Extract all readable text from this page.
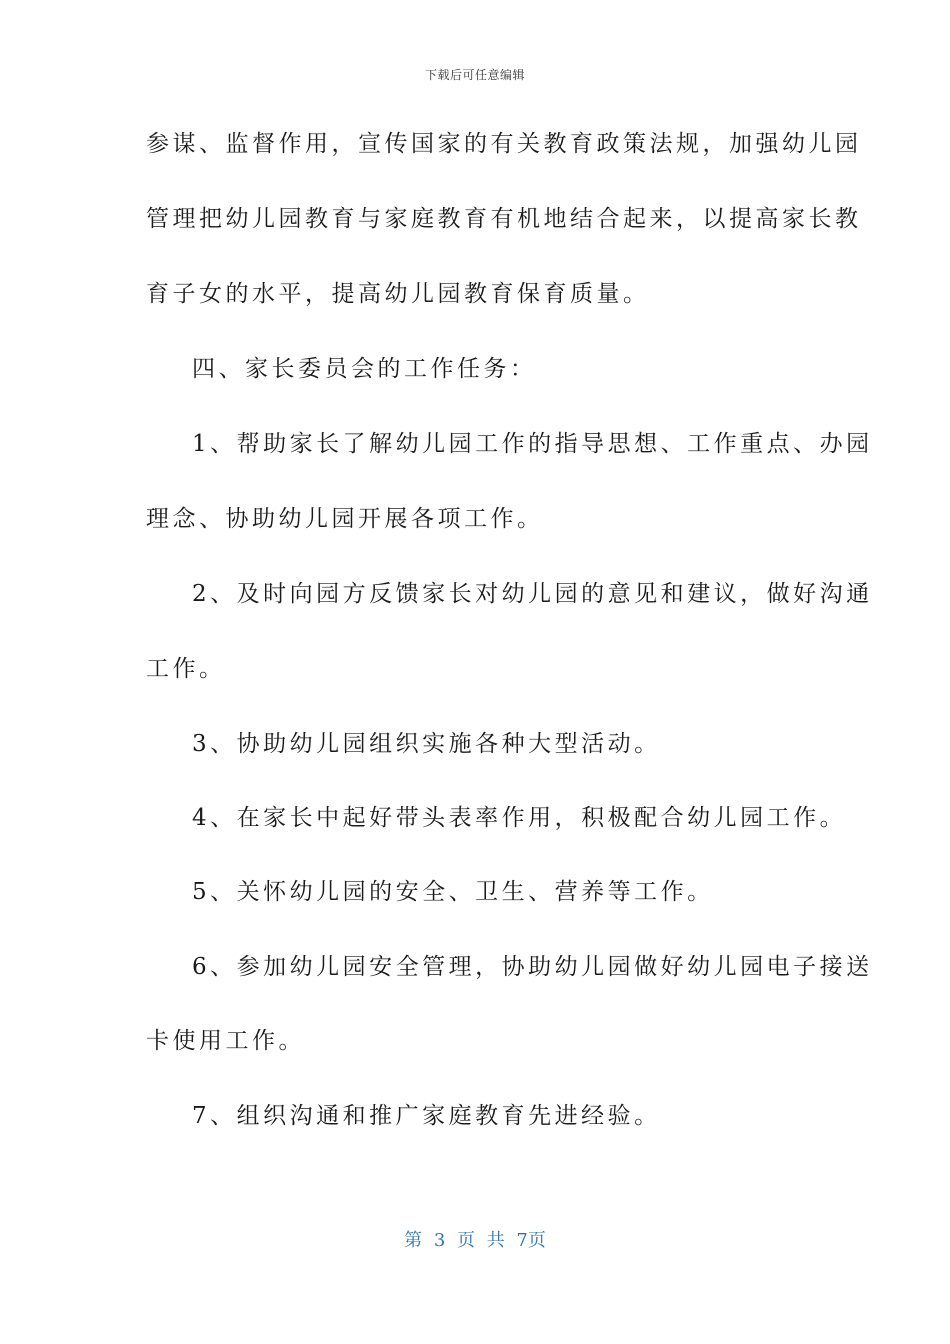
下载后可任意编辑
参谋、监督作用，宣传国家的有关教育政策法规，加强幼儿园
管理把幼儿园教育与家庭教育有机地结合起来，以提高家长教
育子女的水平，提高幼儿园教育保育质量。
四、家长委员会的工作任务：
1、帮助家长了解幼儿园工作的指导思想、工作重点、办园
理念、协助幼儿园开展各项工作。
2、及时向园方反馈家长对幼儿园的意见和建议，做好沟通
工作。
3、协助幼儿园组织实施各种大型活动。
4、在家长中起好带头表率作用，积极配合幼儿园工作。
5、关怀幼儿园的安全、卫生、营养等工作。
6、参加幼儿园安全管理，协助幼儿园做好幼儿园电子接送
卡使用工作。
7、组织沟通和推广家庭教育先进经验。
第 3 页 共 7页
